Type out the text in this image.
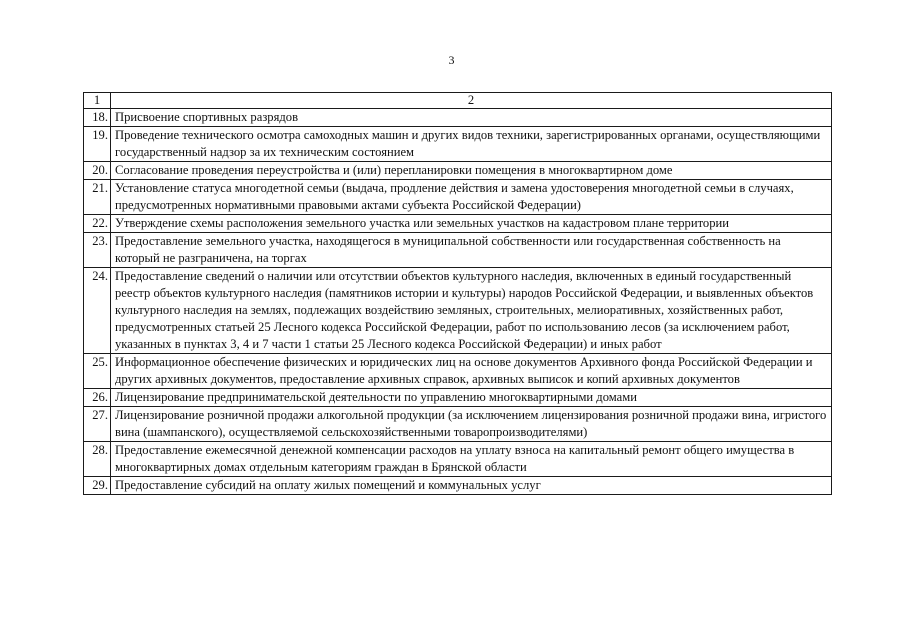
3
1	2
18.	Присвоение спортивных разрядов
19.	Проведение технического осмотра самоходных машин и других видов техники, зарегистрированных органами, осуществляющими государственный надзор за их техническим состоянием
20.	Согласование проведения переустройства и (или) перепланировки помещения в многоквартирном доме
21.	Установление статуса многодетной семьи (выдача, продление действия и замена удостоверения многодетной семьи в случаях, предусмотренных нормативными правовыми актами субъекта Российской Федерации)
22.	Утверждение схемы расположения земельного участка или земельных участков на кадастровом плане территории
23.	Предоставление земельного участка, находящегося в муниципальной собственности или государственная собственность на который не разграничена, на торгах
24.	Предоставление сведений о наличии или отсутствии объектов культурного наследия, включенных в единый государственный реестр объектов культурного наследия (памятников истории и культуры) народов Российской Федерации, и выявленных объектов культурного наследия на землях, подлежащих воздействию земляных, строительных, мелиоративных, хозяйственных работ, предусмотренных статьей 25 Лесного кодекса Российской Федерации, работ по использованию лесов (за исключением работ, указанных в пунктах 3, 4 и 7 части 1 статьи 25 Лесного кодекса Российской Федерации) и иных работ
25.	Информационное обеспечение физических и юридических лиц на основе документов Архивного фонда Российской Федерации и других архивных документов, предоставление архивных справок, архивных выписок и копий архивных документов
26.	Лицензирование предпринимательской деятельности по управлению многоквартирными домами
27.	Лицензирование розничной продажи алкогольной продукции (за исключением лицензирования розничной продажи вина, игристого вина (шампанского), осуществляемой сельскохозяйственными товаропроизводителями)
28.	Предоставление ежемесячной денежной компенсации расходов на уплату взноса на капитальный ремонт общего имущества в многоквартирных домах отдельным категориям граждан в Брянской области
29.	Предоставление субсидий на оплату жилых помещений и коммунальных услуг
